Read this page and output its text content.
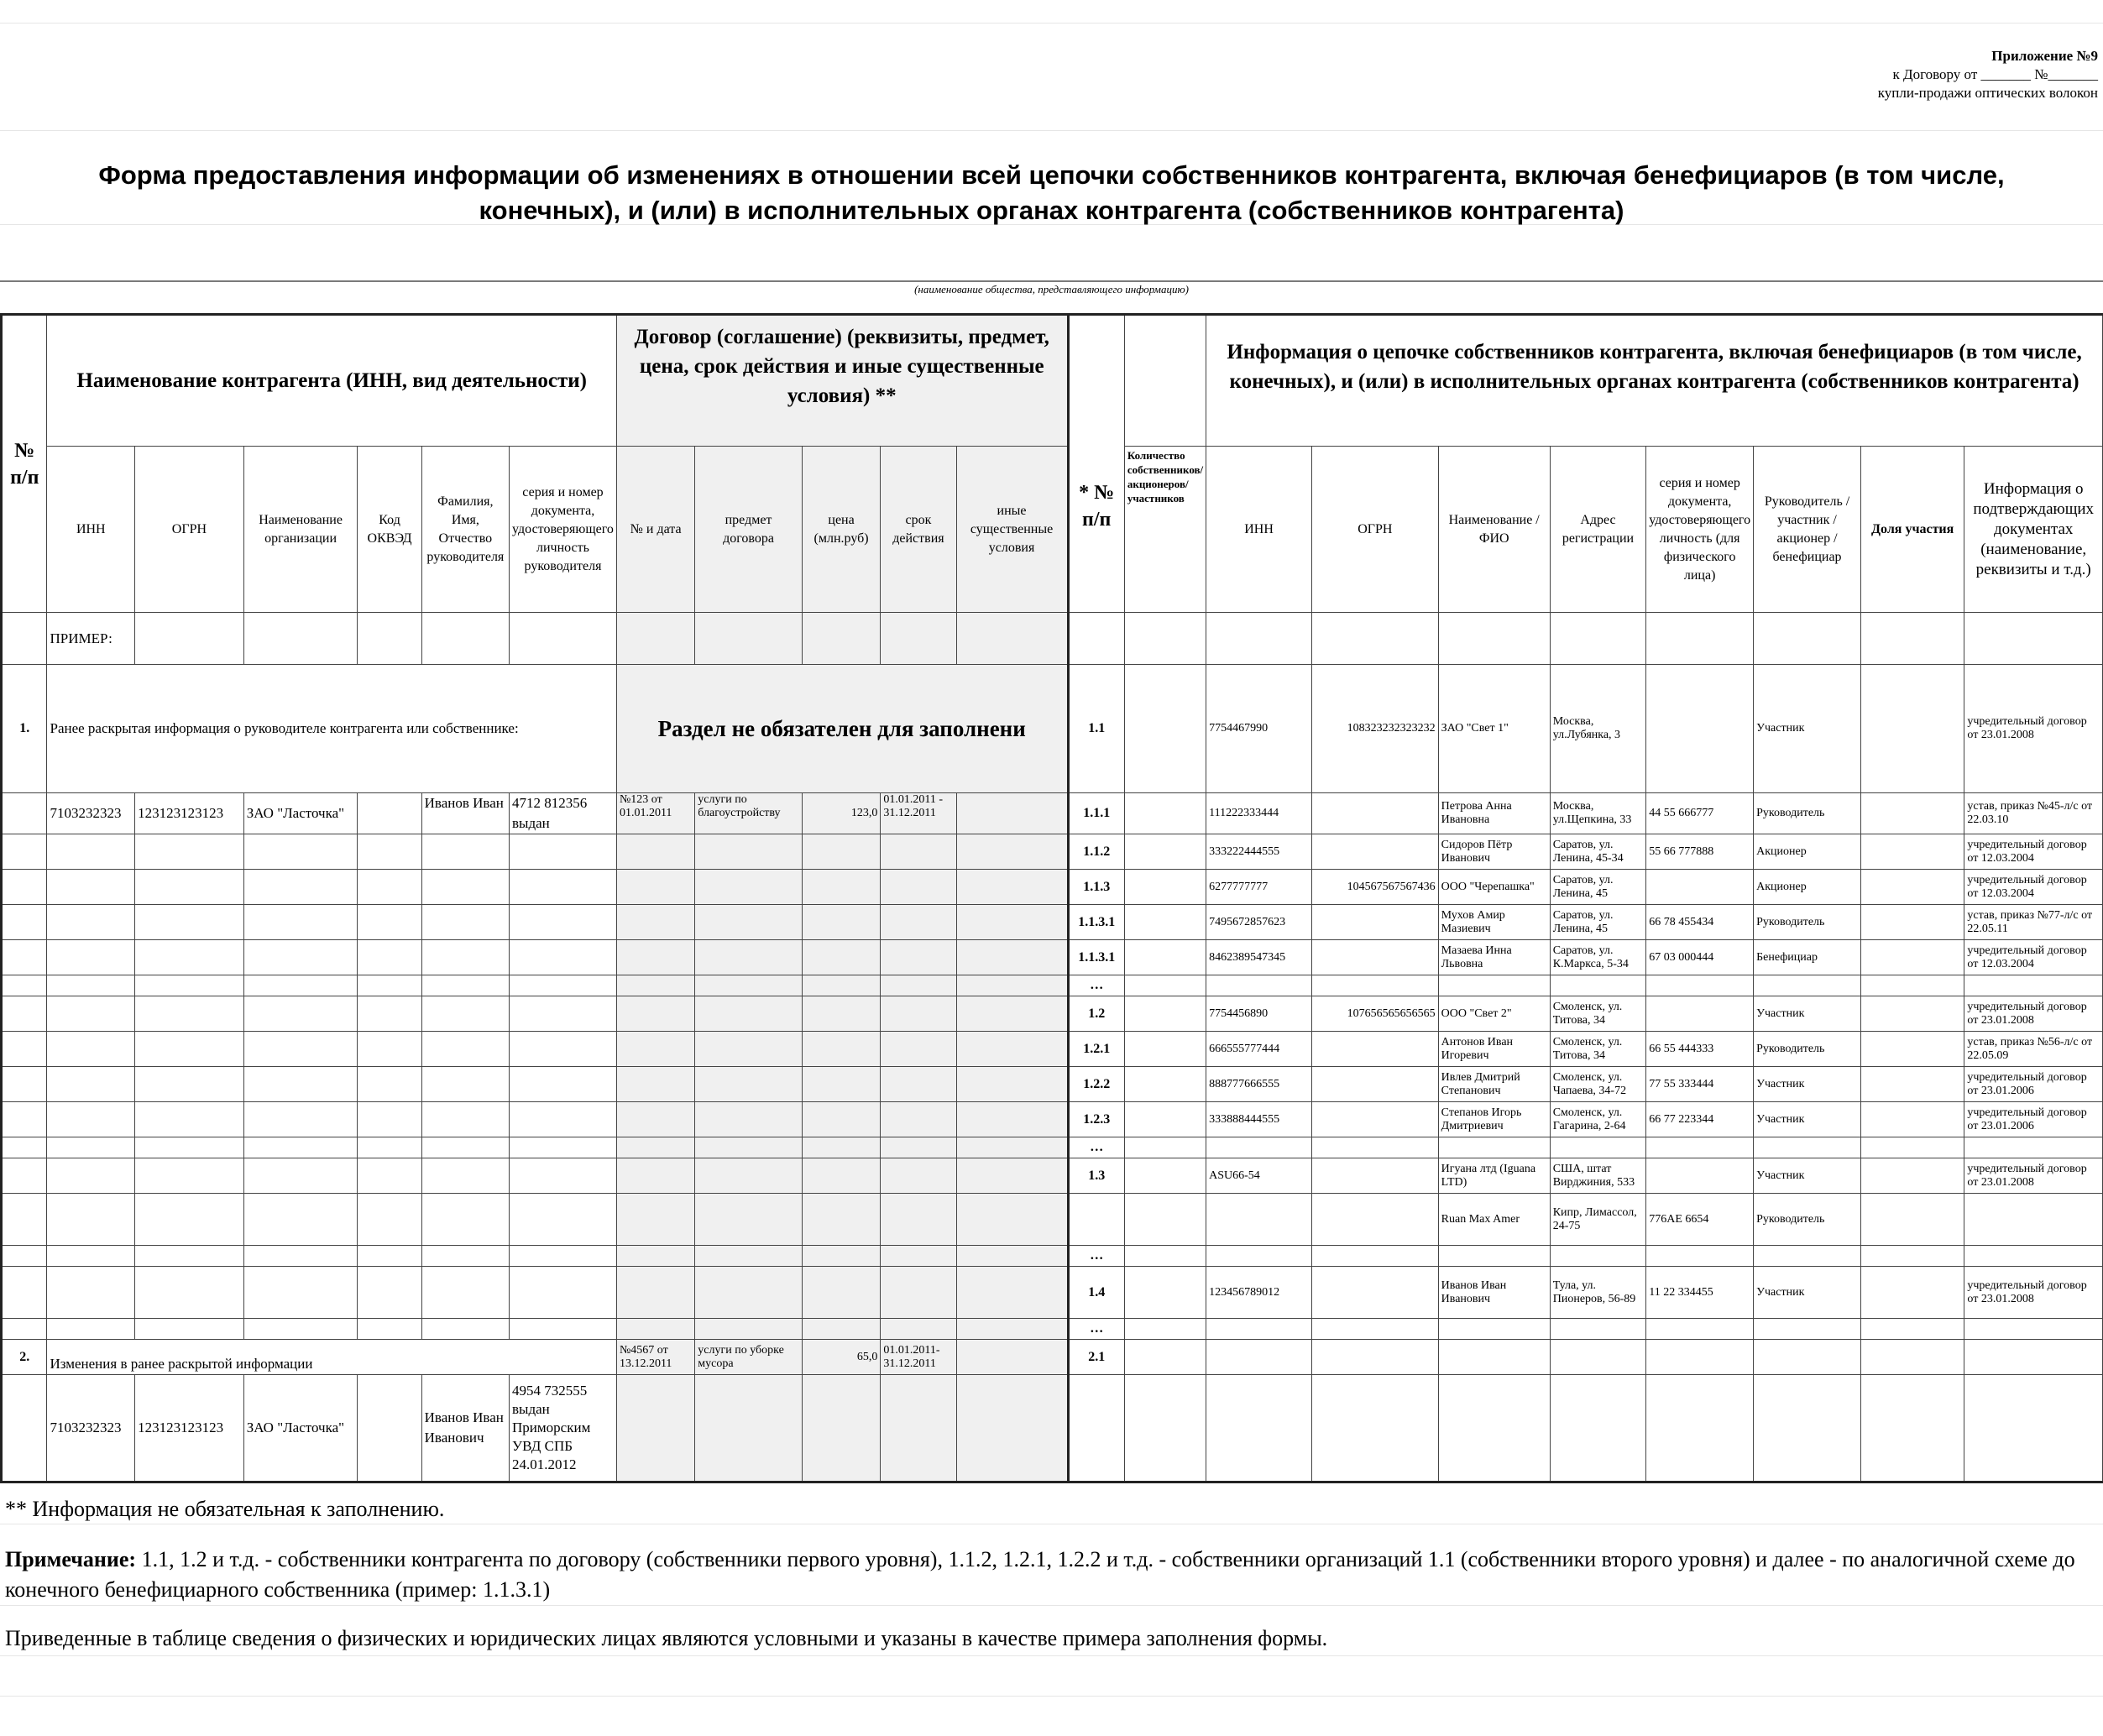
Приложение №9
к Договору от _______ №_______
купли-продажи оптических волокон
Форма предоставления информации об изменениях в отношении всей цепочки собственников контрагента, включая бенефициаров (в том числе, конечных), и (или) в исполнительных органах контрагента (собственников контрагента)
(наименование общества, представляющего информацию)
№ п/п	Наименование контрагента (ИНН, вид деятельности)						Договор (соглашение) (реквизиты, предмет, цена, срок действия и иные существенные условия) **					* № п/п		Информация о цепочке собственников контрагента, включая бенефициаров (в том числе, конечных), и (или) в исполнительных органах контрагента (собственников контрагента)							
	ИНН	ОГРН	Наименование организации	Код ОКВЭД	Фамилия, Имя, Отчество руководителя	серия и номер документа, удостоверяющего личность руководителя	№ и дата	предмет договора	цена (млн.руб)	срок действия	иные существенные условия		Количество собственников/акционеров/участников	ИНН	ОГРН	Наименование / ФИО	Адрес регистрации	серия и номер документа, удостоверяющего личность (для физического лица)	Руководитель / участник / акционер / бенефициар	Доля участия	Информация о подтверждающих документах (наименование, реквизиты и т.д.)
	ПРИМЕР:																				
1.	Ранее раскрытая информация о руководителе контрагента или собственнике:						Раздел не обязателен для заполнени					1.1		7754467990	108323232323232	ЗАО "Свет 1"	Москва, ул.Лубянка, 3		Участник		учредительный договор от 23.01.2008
	7103232323	123123123123	ЗАО "Ласточка"		Иванов Иван	4712 812356 выдан	№123 от 01.01.2011	услуги по благоустройству	123,0	01.01.2011 - 31.12.2011		1.1.1		111222333444		Петрова Анна Ивановна	Москва, ул.Щепкина, 33	44 55 666777	Руководитель		устав, приказ №45-л/с от 22.03.10
												1.1.2		333222444555		Сидоров Пётр Иванович	Саратов, ул. Ленина, 45-34	55 66 777888	Акционер		учредительный договор от 12.03.2004
												1.1.3		6277777777	104567567567436	ООО "Черепашка"	Саратов, ул. Ленина, 45		Акционер		учредительный договор от 12.03.2004
												1.1.3.1		7495672857623		Мухов Амир Мазиевич	Саратов, ул. Ленина, 45	66 78 455434	Руководитель		устав, приказ №77-л/с от 22.05.11
												1.1.3.1		8462389547345		Мазаева Инна Львовна	Саратов, ул. К.Маркса, 5-34	67 03 000444	Бенефициар		учредительный договор от 12.03.2004
												…									
												1.2		7754456890	107656565656565	ООО "Свет 2"	Смоленск, ул. Титова, 34		Участник		учредительный договор от 23.01.2008
												1.2.1		666555777444		Антонов Иван Игоревич	Смоленск, ул. Титова, 34	66 55 444333	Руководитель		устав, приказ №56-л/с от 22.05.09
												1.2.2		888777666555		Ивлев Дмитрий Степанович	Смоленск, ул. Чапаева, 34-72	77 55 333444	Участник		учредительный договор от 23.01.2006
												1.2.3		333888444555		Степанов Игорь Дмитриевич	Смоленск, ул. Гагарина, 2-64	66 77 223344	Участник		учредительный договор от 23.01.2006
												…									
												1.3		ASU66-54		Игуана лтд (Iguana LTD)	США, штат Вирджиния, 533		Участник		учредительный договор от 23.01.2008
																Ruan Max Amer	Кипр, Лимассол, 24-75	776AE 6654	Руководитель		
												…									
												1.4		123456789012		Иванов Иван Иванович	Тула, ул. Пионеров, 56-89	11 22 334455	Участник		учредительный договор от 23.01.2008
												…									
2.	Изменения в ранее раскрытой информации						№4567 от 13.12.2011	услуги по уборке мусора	65,0	01.01.2011- 31.12.2011		2.1									
	7103232323	123123123123	ЗАО "Ласточка"		Иванов Иван Иванович	4954 732555 выдан Приморским УВД СПБ 24.01.2012															
** Информация не обязательная к заполнению.
Примечание: 1.1, 1.2 и т.д. - собственники контрагента по договору (собственники первого уровня), 1.1.2, 1.2.1, 1.2.2 и т.д. - собственники организаций 1.1 (собственники второго уровня) и далее - по аналогичной схеме до конечного бенефициарного собственника (пример: 1.1.3.1)
Приведенные в таблице сведения о физических и юридических лицах являются условными и указаны в качестве примера заполнения формы.
